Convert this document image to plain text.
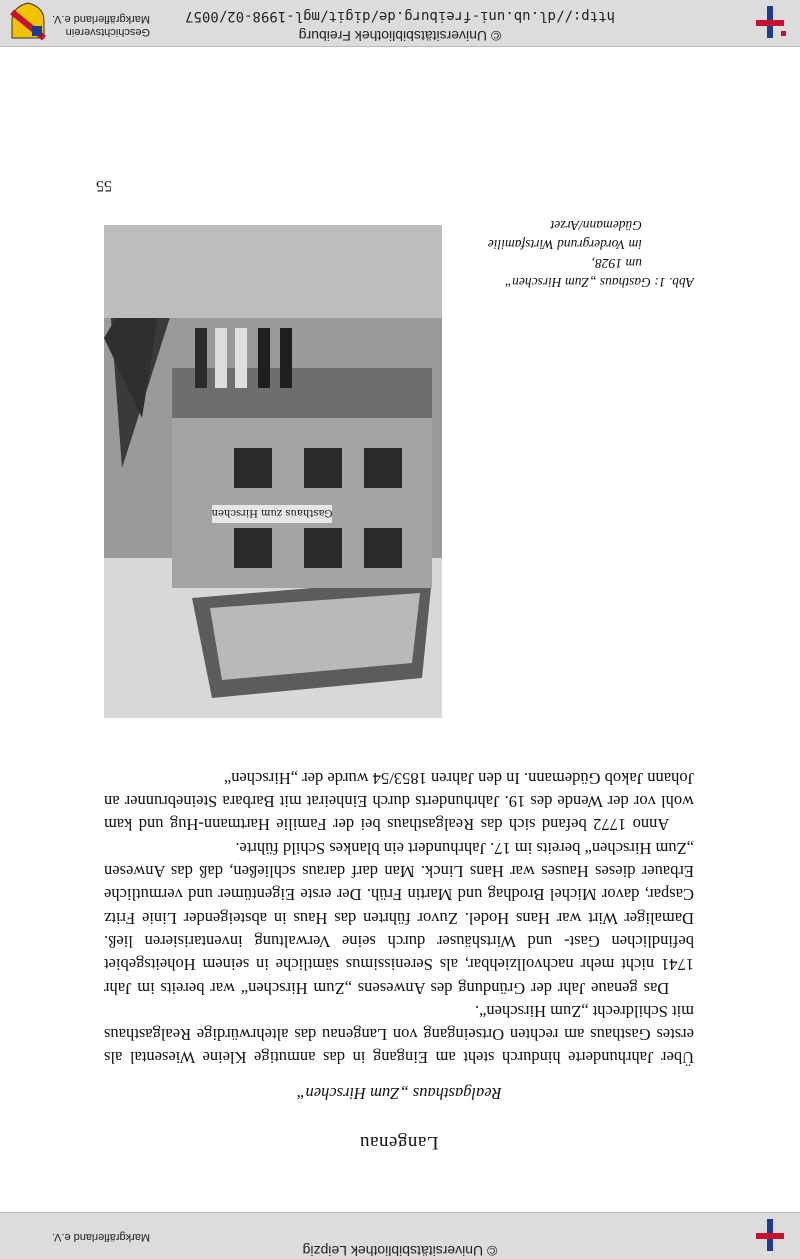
© Universitätsbibliothek Leipzig
Markgräflerland e.V.
Langenau
Realgasthaus „Zum Hirschen“

Über Jahrhunderte hindurch steht am Eingang in das anmutige Kleine Wiesental als erstes Gasthaus am rechten Ortseingang von Langenau das altehrwürdige Realgasthaus mit Schildrecht „Zum Hirschen“.

Das genaue Jahr der Gründung des Anwesens „Zum Hirschen“ war bereits im Jahr 1741 nicht mehr nachvollziehbar, als Serenissimus sämtliche in seinem Hoheitsgebiet befindlichen Gast- und Wirtshäuser durch seine Verwaltung inventarisieren ließ. Damaliger Wirt war Hans Hodel. Zuvor führten das Haus in absteigender Linie Fritz Caspar, davor Michel Brodhag und Martin Früh. Der erste Eigentümer und vermutliche Erbauer dieses Hauses war Hans Linck. Man darf daraus schließen, daß das Anwesen „Zum Hirschen“ bereits im 17. Jahrhundert ein blankes Schild führte.

Anno 1772 befand sich das Realgasthaus bei der Familie Hartmann-Hug und kam wohl vor der Wende des 19. Jahrhunderts durch Einheirat mit Barbara Steinebrunner an Johann Jakob Güdemann. In den Jahren 1853/54 wurde der „Hirschen“

Gasthaus zum Hirschen
Abb. 1: Gasthaus „Zum Hirschen“
um 1928,
im Vordergrund Wirtsfamilie
Güdemann/Arzet
55
http://dl.ub.uni-freiburg.de/digit/mgl-1998-02/0057
© Universitätsbibliothek Freiburg
Geschichtsverein
Markgräflerland e.V.
